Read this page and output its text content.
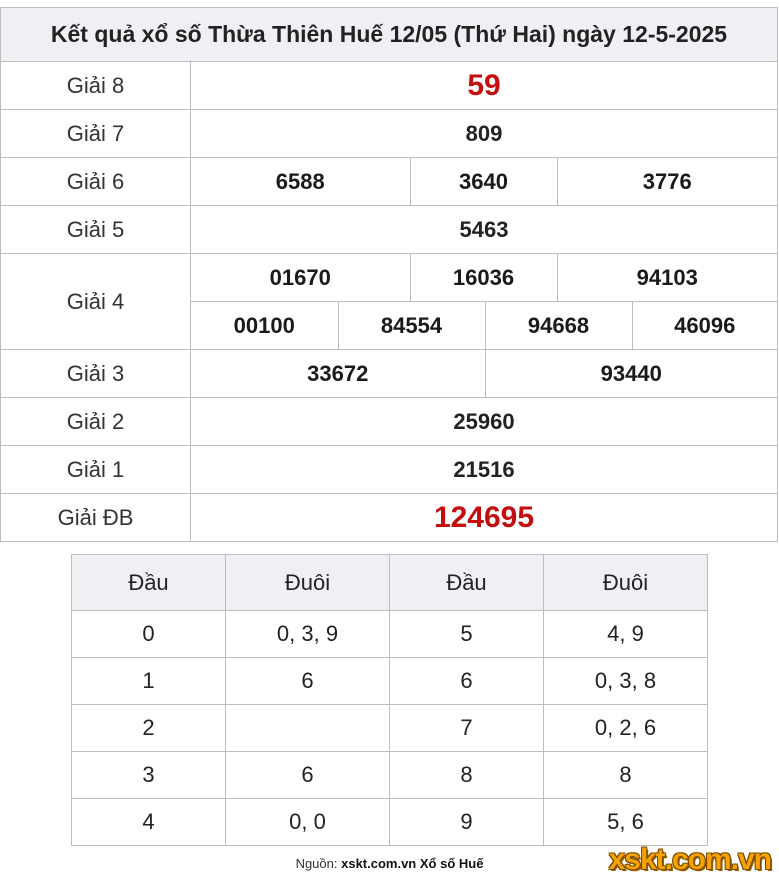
Kết quả xổ số Thừa Thiên Huế 12/05 (Thứ Hai) ngày 12-5-2025
Giải 8	59
Giải 7	809
Giải 6		6588	3640	3776

Giải 5	5463
Giải 4	
01670	16036	94103
00100	84554	94668	46096

Giải 3		33672	93440

Giải 2	25960
Giải 1	21516
Giải ĐB	124695
Đầu	Đuôi	Đầu	Đuôi
0	0, 3, 9	5	4, 9
1	6	6	0, 3, 8
2		7	0, 2, 6
3	6	8	8
4	0, 0	9	5, 6
Nguồn: xskt.com.vn Xổ số Huế	xskt.com.vn
